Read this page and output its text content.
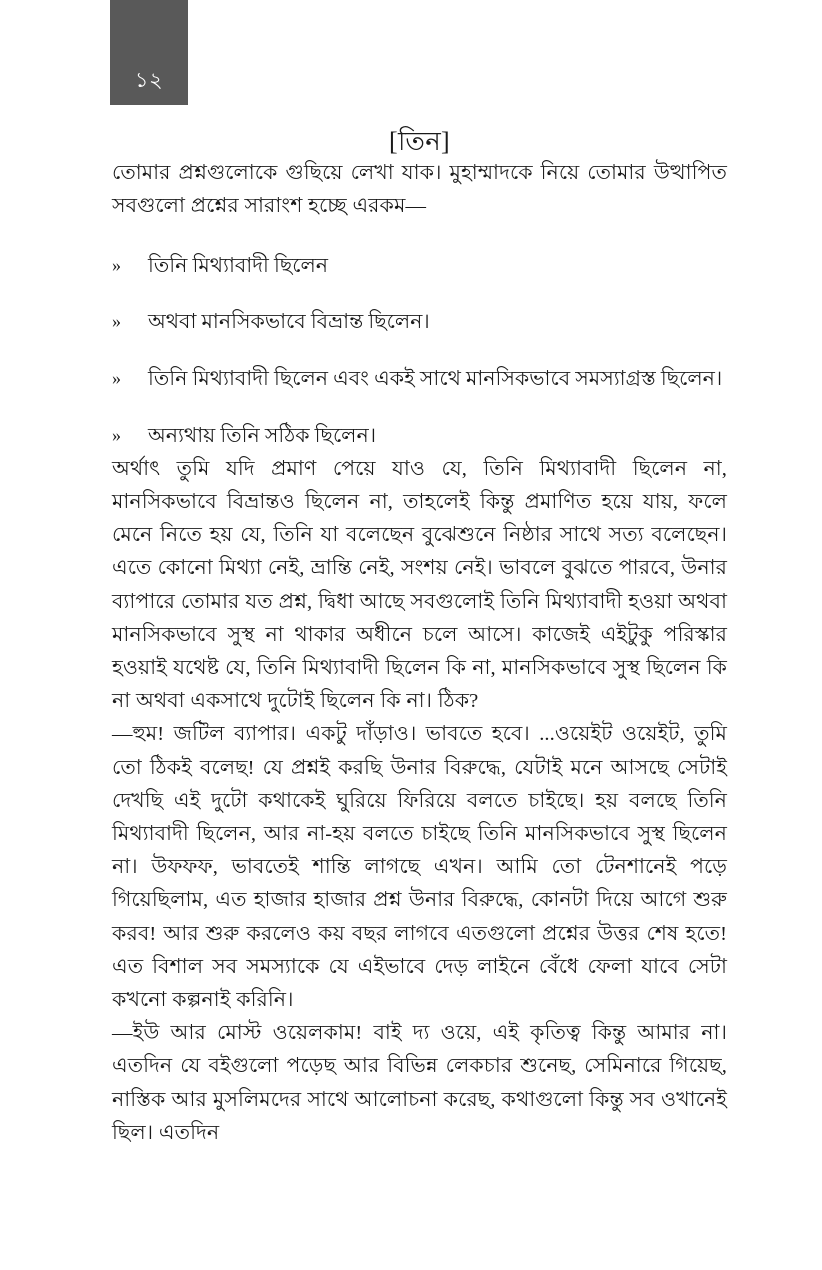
১২
[তিন]

তোমার প্রশ্নগুলোকে গুছিয়ে লেখা যাক। মুহাম্মাদকে নিয়ে তোমার উত্থাপিত সবগুলো প্রশ্নের সারাংশ হচ্ছে এরকম—

» তিনি মিথ্যাবাদী ছিলেন
» অথবা মানসিকভাবে বিভ্রান্ত ছিলেন।
» তিনি মিথ্যাবাদী ছিলেন এবং একই সাথে মানসিকভাবে সমস্যাগ্রস্ত ছিলেন।
» অন্যথায় তিনি সঠিক ছিলেন।

অর্থাৎ তুমি যদি প্রমাণ পেয়ে যাও যে, তিনি মিথ্যাবাদী ছিলেন না, মানসিকভাবে বিভ্রান্তও ছিলেন না, তাহলেই কিন্তু প্রমাণিত হয়ে যায়, ফলে মেনে নিতে হয় যে, তিনি যা বলেছেন বুঝেশুনে নিষ্ঠার সাথে সত্য বলেছেন। এতে কোনো মিথ্যা নেই, ভ্রান্তি নেই, সংশয় নেই। ভাবলে বুঝতে পারবে, উনার ব্যাপারে তোমার যত প্রশ্ন, দ্বিধা আছে সবগুলোই তিনি মিথ্যাবাদী হওয়া অথবা মানসিকভাবে সুস্থ না থাকার অধীনে চলে আসে। কাজেই এইটুকু পরিস্কার হওয়াই যথেষ্ট যে, তিনি মিথ্যাবাদী ছিলেন কি না, মানসিকভাবে সুস্থ ছিলেন কি না অথবা একসাথে দুটোই ছিলেন কি না। ঠিক?

—হুম! জটিল ব্যাপার। একটু দাঁড়াও। ভাবতে হবে। ...ওয়েইট ওয়েইট, তুমি তো ঠিকই বলেছ! যে প্রশ্নই করছি উনার বিরুদ্ধে, যেটাই মনে আসছে সেটাই দেখছি এই দুটো কথাকেই ঘুরিয়ে ফিরিয়ে বলতে চাইছে। হয় বলছে তিনি মিথ্যাবাদী ছিলেন, আর না-হয় বলতে চাইছে তিনি মানসিকভাবে সুস্থ ছিলেন না। উফফফ, ভাবতেই শান্তি লাগছে এখন। আমি তো টেনশানেই পড়ে গিয়েছিলাম, এত হাজার হাজার প্রশ্ন উনার বিরুদ্ধে, কোনটা দিয়ে আগে শুরু করব! আর শুরু করলেও কয় বছর লাগবে এতগুলো প্রশ্নের উত্তর শেষ হতে! এত বিশাল সব সমস্যাকে যে এইভাবে দেড় লাইনে বেঁধে ফেলা যাবে সেটা কখনো কল্পনাই করিনি।

—ইউ আর মোস্ট ওয়েলকাম! বাই দ্য ওয়ে, এই কৃতিত্ব কিন্তু আমার না। এতদিন যে বইগুলো পড়েছ আর বিভিন্ন লেকচার শুনেছ, সেমিনারে গিয়েছ, নাস্তিক আর মুসলিমদের সাথে আলোচনা করেছ, কথাগুলো কিন্তু সব ওখানেই ছিল। এতদিন
